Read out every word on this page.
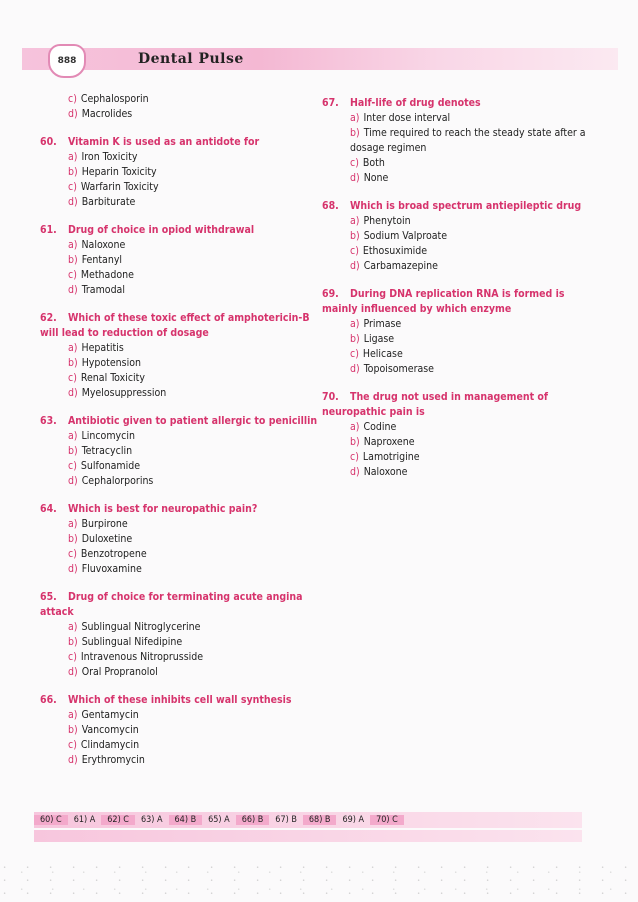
888	Dental Pulse
c) Cephalosporin
d) Macrolides
60. Vitamin K is used as an antidote for
a) Iron Toxicity
b) Heparin Toxicity
c) Warfarin Toxicity
d) Barbiturate
61. Drug of choice in opiod withdrawal
a) Naloxone
b) Fentanyl
c) Methadone
d) Tramodal
62. Which of these toxic effect of amphotericin-B will lead to reduction of dosage
a) Hepatitis
b) Hypotension
c) Renal Toxicity
d) Myelosuppression
63. Antibiotic given to patient allergic to penicillin
a) Lincomycin
b) Tetracyclin
c) Sulfonamide
d) Cephalorporins
64. Which is best for neuropathic pain?
a) Burpirone
b) Duloxetine
c) Benzotropene
d) Fluvoxamine
65. Drug of choice for terminating acute angina attack
a) Sublingual Nitroglycerine
b) Sublingual Nifedipine
c) Intravenous Nitroprusside
d) Oral Propranolol
66. Which of these inhibits cell wall synthesis
a) Gentamycin
b) Vancomycin
c) Clindamycin
d) Erythromycin
67. Half-life of drug denotes
a) Inter dose interval
b) Time required to reach the steady state after a dosage regimen
c) Both
d) None
68. Which is broad spectrum antiepileptic drug
a) Phenytoin
b) Sodium Valproate
c) Ethosuximide
d) Carbamazepine
69. During DNA replication RNA is formed is mainly influenced by which enzyme
a) Primase
b) Ligase
c) Helicase
d) Topoisomerase
70. The drug not used in management of neuropathic pain is
a) Codine
b) Naproxene
c) Lamotrigine
d) Naloxone
60) C	61) A	62) C	63) A	64) B	65) A	66) B	67) B	68) B	69) A	70) C
